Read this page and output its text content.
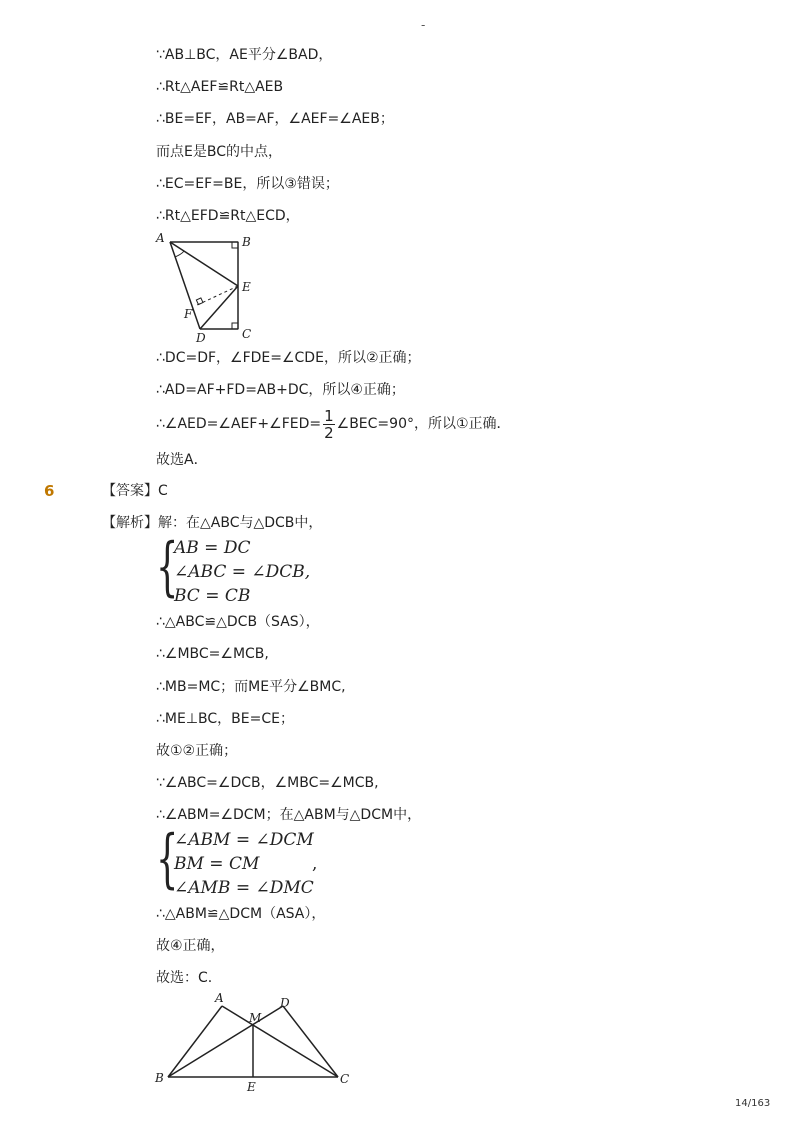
-
∵AB⊥BC，AE平分∠BAD，
∴Rt△AEF≌Rt△AEB
∴BE=EF，AB=AF，∠AEF=∠AEB；
而点E是BC的中点，
∴EC=EF=BE，所以③错误；
∴Rt△EFD≌Rt△ECD，
A	B
E
F
D	C
∴DC=DF，∠FDE=∠CDE，所以②正确；
∴AD=AF+FD=AB+DC，所以④正确；
∴∠AED=∠AEF+∠FED= $\frac{1}{2}$ ∠BEC=90°，所以①正确．
故选A．
6	【答案】C
【解析】解：在△ABC与△DCB中，
{
AB = DC
∠ABC = ∠DCB,
BC = CB
∴△ABC≌△DCB（SAS），
∴∠MBC=∠MCB,
∴MB=MC；而ME平分∠BMC,
∴ME⊥BC，BE=CE；
故①②正确；
∵∠ABC=∠DCB，∠MBC=∠MCB,
∴∠ABM=∠DCM；在△ABM与△DCM中，
{
∠ABM = ∠DCM
BM = CM
∠AMB = ∠DMC
,
∴△ABM≌△DCM（ASA），
故④正确，
故选：C.
A	D
M
B
E
C
14/163
